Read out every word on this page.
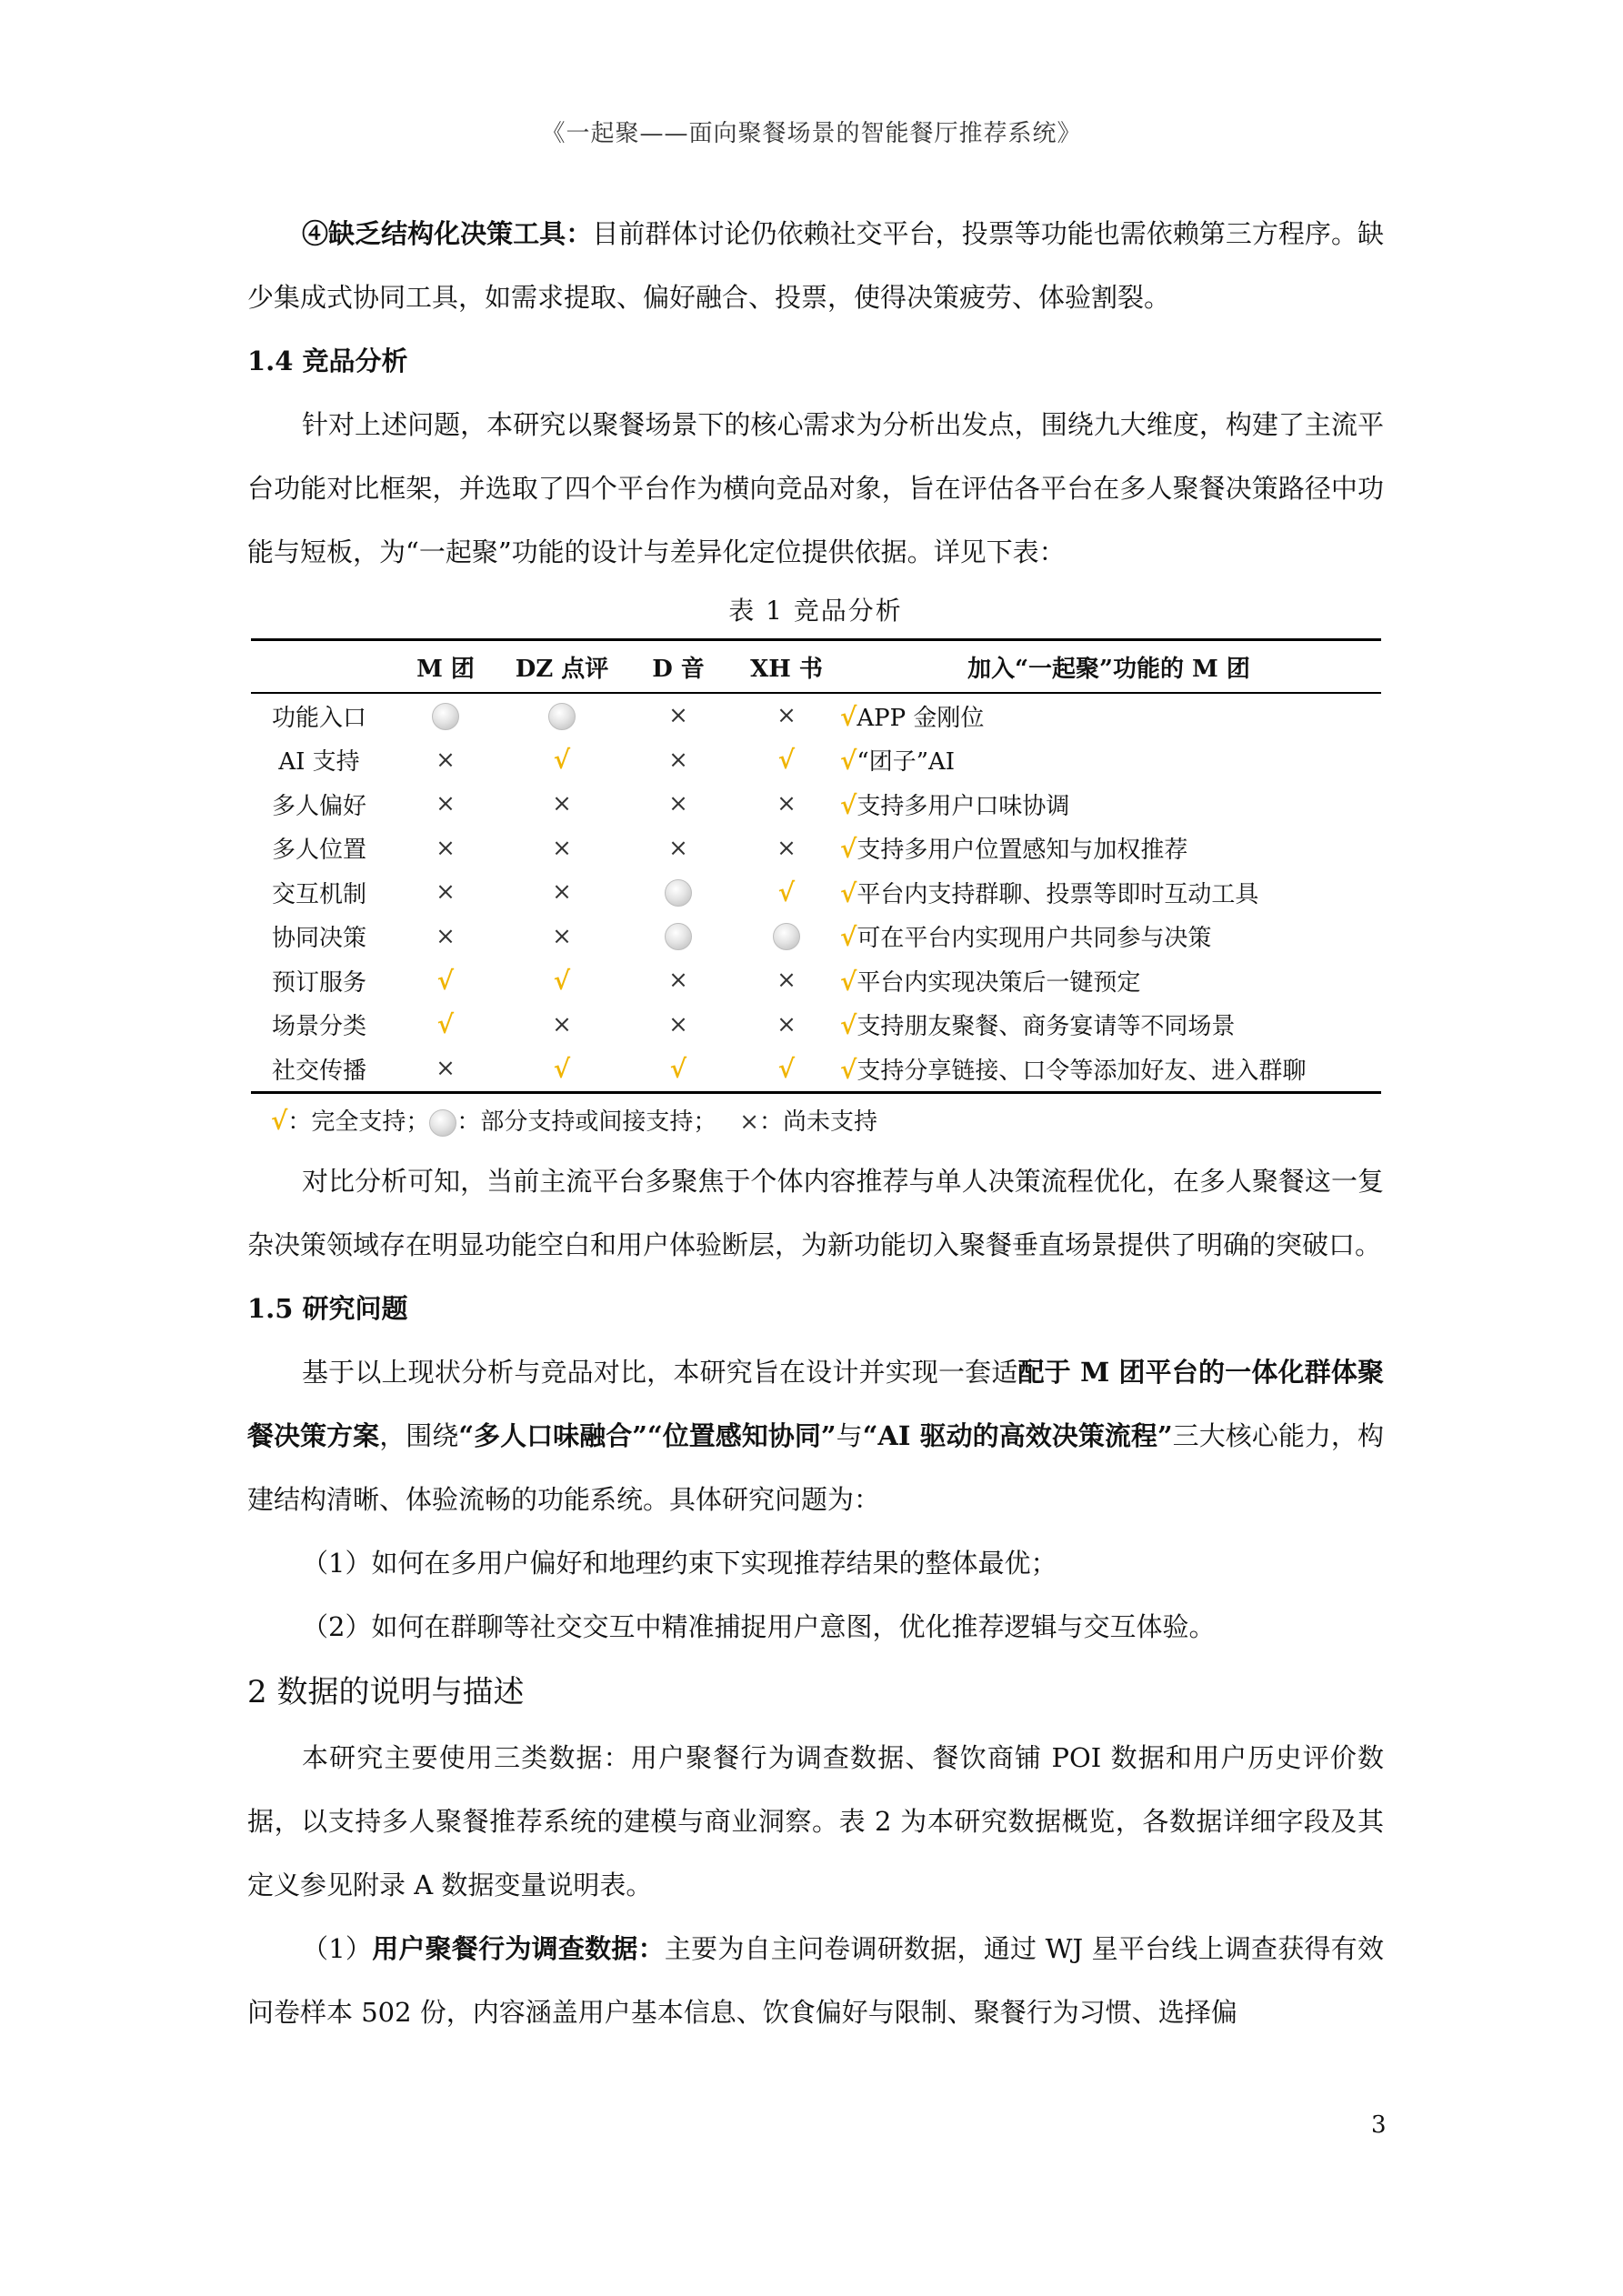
《一起聚——面向聚餐场景的智能餐厅推荐系统》

④缺乏结构化决策工具：目前群体讨论仍依赖社交平台，投票等功能也需依赖第三方程序。缺少集成式协同工具，如需求提取、偏好融合、投票，使得决策疲劳、体验割裂。

1.4 竞品分析

针对上述问题，本研究以聚餐场景下的核心需求为分析出发点，围绕九大维度，构建了主流平台功能对比框架，并选取了四个平台作为横向竞品对象，旨在评估各平台在多人聚餐决策路径中功能与短板，为“一起聚”功能的设计与差异化定位提供依据。详见下表：

表 1 竞品分析

	M 团	DZ 点评	D 音	XH 书	加入“一起聚”功能的 M 团
功能入口			×	×	√APP 金刚位
AI 支持	×	√	×	√	√“团子”AI
多人偏好	×	×	×	×	√支持多用户口味协调
多人位置	×	×	×	×	√支持多用户位置感知与加权推荐
交互机制	×	×		√	√平台内支持群聊、投票等即时互动工具
协同决策	×	×			√可在平台内实现用户共同参与决策
预订服务	√	√	×	×	√平台内实现决策后一键预定
场景分类	√	×	×	×	√支持朋友聚餐、商务宴请等不同场景
社交传播	×	√	√	√	√支持分享链接、口令等添加好友、进入群聊
√：完全支持； ：部分支持或间接支持； ×：尚未支持

对比分析可知，当前主流平台多聚焦于个体内容推荐与单人决策流程优化，在多人聚餐这一复杂决策领域存在明显功能空白和用户体验断层，为新功能切入聚餐垂直场景提供了明确的突破口。

1.5 研究问题

基于以上现状分析与竞品对比，本研究旨在设计并实现一套适配于 M 团平台的一体化群体聚餐决策方案，围绕“多人口味融合”“位置感知协同”与“AI 驱动的高效决策流程”三大核心能力，构建结构清晰、体验流畅的功能系统。具体研究问题为：

（1）如何在多用户偏好和地理约束下实现推荐结果的整体最优；

（2）如何在群聊等社交交互中精准捕捉用户意图，优化推荐逻辑与交互体验。

2 数据的说明与描述

本研究主要使用三类数据：用户聚餐行为调查数据、餐饮商铺 POI 数据和用户历史评价数据，以支持多人聚餐推荐系统的建模与商业洞察。表 2 为本研究数据概览，各数据详细字段及其定义参见附录 A 数据变量说明表。

（1）用户聚餐行为调查数据：主要为自主问卷调研数据，通过 WJ 星平台线上调查获得有效问卷样本 502 份，内容涵盖用户基本信息、饮食偏好与限制、聚餐行为习惯、选择偏

3
